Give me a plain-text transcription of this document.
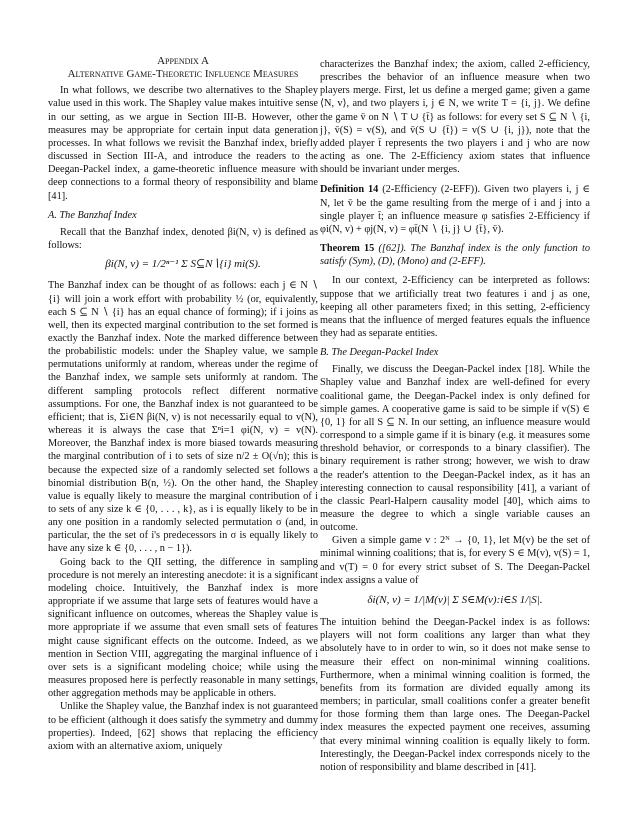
Appendix A

Alternative Game-Theoretic Influence Measures

In what follows, we describe two alternatives to the Shapley value used in this work. The Shapley value makes intuitive sense in our setting, as we argue in Section III-B. However, other measures may be appropriate for certain input data generation processes. In what follows we revisit the Banzhaf index, briefly discussed in Section III-A, and introduce the readers to the Deegan-Packel index, a game-theoretic influence measure with deep connections to a formal theory of responsibility and blame [41].

A. The Banzhaf Index

Recall that the Banzhaf index, denoted βi(N, v) is defined as follows:

βi(N, v) = 1/2ⁿ⁻¹ Σ S⊆N∖{i} mi(S).

The Banzhaf index can be thought of as follows: each j ∈ N ∖ {i} will join a work effort with probability ½ (or, equivalently, each S ⊆ N ∖ {i} has an equal chance of forming); if i joins as well, then its expected marginal contribution to the set formed is exactly the Banzhaf index. Note the marked difference between the probabilistic models: under the Shapley value, we sample permutations uniformly at random, whereas under the regime of the Banzhaf index, we sample sets uniformly at random. The different sampling protocols reflect different normative assumptions. For one, the Banzhaf index is not guaranteed to be efficient; that is, Σi∈N βi(N, v) is not necessarily equal to v(N), whereas it is always the case that Σⁿi=1 φi(N, v) = v(N). Moreover, the Banzhaf index is more biased towards measuring the marginal contribution of i to sets of size n/2 ± O(√n); this is because the expected size of a randomly selected set follows a binomial distribution B(n, ½). On the other hand, the Shapley value is equally likely to measure the marginal contribution of i to sets of any size k ∈ {0, . . . , k}, as i is equally likely to be in any one position in a randomly selected permutation σ (and, in particular, the the set of i's predecessors in σ is equally likely to have any size k ∈ {0, . . . , n − 1}).

Going back to the QII setting, the difference in sampling procedure is not merely an interesting anecdote: it is a significant modeling choice. Intuitively, the Banzhaf index is more appropriate if we assume that large sets of features would have a significant influence on outcomes, whereas the Shapley value is more appropriate if we assume that even small sets of features might cause significant effects on the outcome. Indeed, as we mention in Section VIII, aggregating the marginal influence of i over sets is a significant modeling choice; while using the measures proposed here is perfectly reasonable in many settings, other aggregation methods may be applicable in others.

Unlike the Shapley value, the Banzhaf index is not guaranteed to be efficient (although it does satisfy the symmetry and dummy properties). Indeed, [62] shows that replacing the efficiency axiom with an alternative axiom, uniquely

characterizes the Banzhaf index; the axiom, called 2-efficiency, prescribes the behavior of an influence measure when two players merge. First, let us define a merged game; given a game ⟨N, v⟩, and two players i, j ∈ N, we write T = {i, j}. We define the game v̄ on N ∖ T ∪ {t̄} as follows: for every set S ⊆ N ∖ {i, j}, v̄(S) = v(S), and v̄(S ∪ {t̄}) = v(S ∪ {i, j}), note that the added player t̄ represents the two players i and j who are now acting as one. The 2-Efficiency axiom states that influence should be invariant under merges.

Definition 14 (2-Efficiency (2-EFF)). Given two players i, j ∈ N, let v̄ be the game resulting from the merge of i and j into a single player t̄; an influence measure φ satisfies 2-Efficiency if φi(N, v) + φj(N, v) = φt̄(N ∖ {i, j} ∪ {t̄}, v̄).

Theorem 15 ([62]). The Banzhaf index is the only function to satisfy (Sym), (D), (Mono) and (2-EFF).

In our context, 2-Efficiency can be interpreted as follows: suppose that we artificially treat two features i and j as one, keeping all other parameters fixed; in this setting, 2-efficiency means that the influence of merged features equals the influence they had as separate entities.

B. The Deegan-Packel Index

Finally, we discuss the Deegan-Packel index [18]. While the Shapley value and Banzhaf index are well-defined for every coalitional game, the Deegan-Packel index is only defined for simple games. A cooperative game is said to be simple if v(S) ∈ {0, 1} for all S ⊆ N. In our setting, an influence measure would correspond to a simple game if it is binary (e.g. it measures some threshold behavior, or corresponds to a binary classifier). The binary requirement is rather strong; however, we wish to draw the reader's attention to the Deegan-Packel index, as it has an interesting connection to causal responsibility [41], a variant of the classic Pearl-Halpern causality model [40], which aims to measure the degree to which a single variable causes an outcome.

Given a simple game v : 2ᴺ → {0, 1}, let M(v) be the set of minimal winning coalitions; that is, for every S ∈ M(v), v(S) = 1, and v(T) = 0 for every strict subset of S. The Deegan-Packel index assigns a value of

δi(N, v) = 1/|M(v)| Σ S∈M(v):i∈S 1/|S|.

The intuition behind the Deegan-Packel index is as follows: players will not form coalitions any larger than what they absolutely have to in order to win, so it does not make sense to measure their effect on non-minimal winning coalitions. Furthermore, when a minimal winning coalition is formed, the benefits from its formation are divided equally among its members; in particular, small coalitions confer a greater benefit for those forming them than large ones. The Deegan-Packel index measures the expected payment one receives, assuming that every minimal winning coalition is equally likely to form. Interestingly, the Deegan-Packel index corresponds nicely to the notion of responsibility and blame described in [41].
